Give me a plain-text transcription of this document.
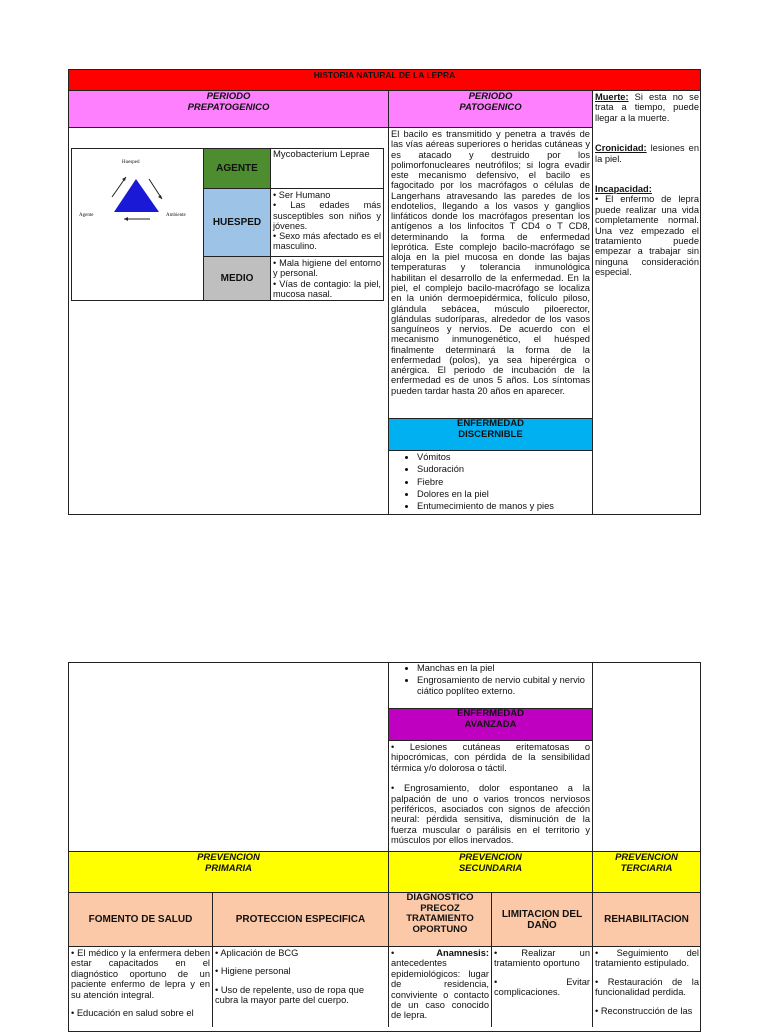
HISTORIA NATURAL DE LA LEPRA
PERIODO
PREPATOGENICO
PERIODO
PATOGENICO
Muerte: Si esta no se trata a tiempo, puede llegar a la muerte.
Cronicidad: lesiones en la piel.
Incapacidad:
• El enfermo de lepra puede realizar una vida completamente normal. Una vez empezado el tratamiento puede empezar a trabajar sin ninguna consideración especial.
Huesped
Agente	Ambiente
AGENTE
Mycobacterium Leprae
HUESPED
• Ser Humano
• Las edades más susceptibles son niños y jóvenes.
• Sexo más afectado es el masculino.
MEDIO
• Mala higiene del entorno y personal.
• Vías de contagio: la piel, mucosa nasal.
El bacilo es transmitido y penetra a través de las vías aéreas superiores o heridas cutáneas y es atacado y destruido por los polimorfonucleares neutrófilos; si logra evadir este mecanismo defensivo, el bacilo es fagocitado por los macrófagos o células de Langerhans atravesando las paredes de los endotelios, llegando a los vasos y ganglios linfáticos donde los macrófagos presentan los antígenos a los linfocitos T CD4 o T CD8, determinando la forma de enfermedad leprótica. Este complejo bacilo-macrófago se aloja en la piel mucosa en donde las bajas temperaturas y tolerancia inmunológica habilitan el desarrollo de la enfermedad. En la piel, el complejo bacilo-macrófago se localiza en la unión dermoepidérmica, folículo piloso, glándula sebácea, músculo piloerector, glándulas sudoríparas, alrededor de los vasos sanguíneos y nervios. De acuerdo con el mecanismo inmunogenético, el huésped finalmente determinará la forma de la enfermedad (polos), ya sea hiperérgica o anérgica. El periodo de incubación de la enfermedad es de unos 5 años. Los síntomas pueden tardar hasta 20 años en aparecer.
ENFERMEDAD
DISCERNIBLE
• Vómitos
• Sudoración
• Fiebre
• Dolores en la piel
• Entumecimiento de manos y pies
• Manchas en la piel
• Engrosamiento de nervio cubital y nervio ciático poplíteo externo.
ENFERMEDAD
AVANZADA
• Lesiones cutáneas eritematosas o hipocrómicas, con pérdida de la sensibilidad térmica y/o dolorosa o táctil.
• Engrosamiento, dolor espontaneo a la palpación de uno o varios troncos nerviosos periféricos, asociados con signos de afección neural: pérdida sensitiva, disminución de la fuerza muscular o parálisis en el territorio y músculos por ellos inervados.
PREVENCION
PRIMARIA
PREVENCION
SECUNDARIA
PREVENCION
TERCIARIA
FOMENTO DE SALUD	PROTECCION ESPECIFICA
DIAGNOSTICO
PRECOZ
TRATAMIENTO
OPORTUNO
LIMITACION DEL
DAÑO
REHABILITACION
• El médico y la enfermera deben estar capacitados en el diagnóstico oportuno de un paciente enfermo de lepra y en su atención integral.
• Educación en salud sobre el
• Aplicación de BCG
• Higiene personal
• Uso de repelente, uso de ropa que cubra la mayor parte del cuerpo.
• Anamnesis:
antecedentes epidemiológicos: lugar de residencia, conviviente o contacto de un caso conocido de lepra.
• Realizar un tratamiento oportuno
• Evitar complicaciones.
• Seguimiento del tratamiento estipulado.
• Restauración de la funcionalidad perdida.
• Reconstrucción de las
